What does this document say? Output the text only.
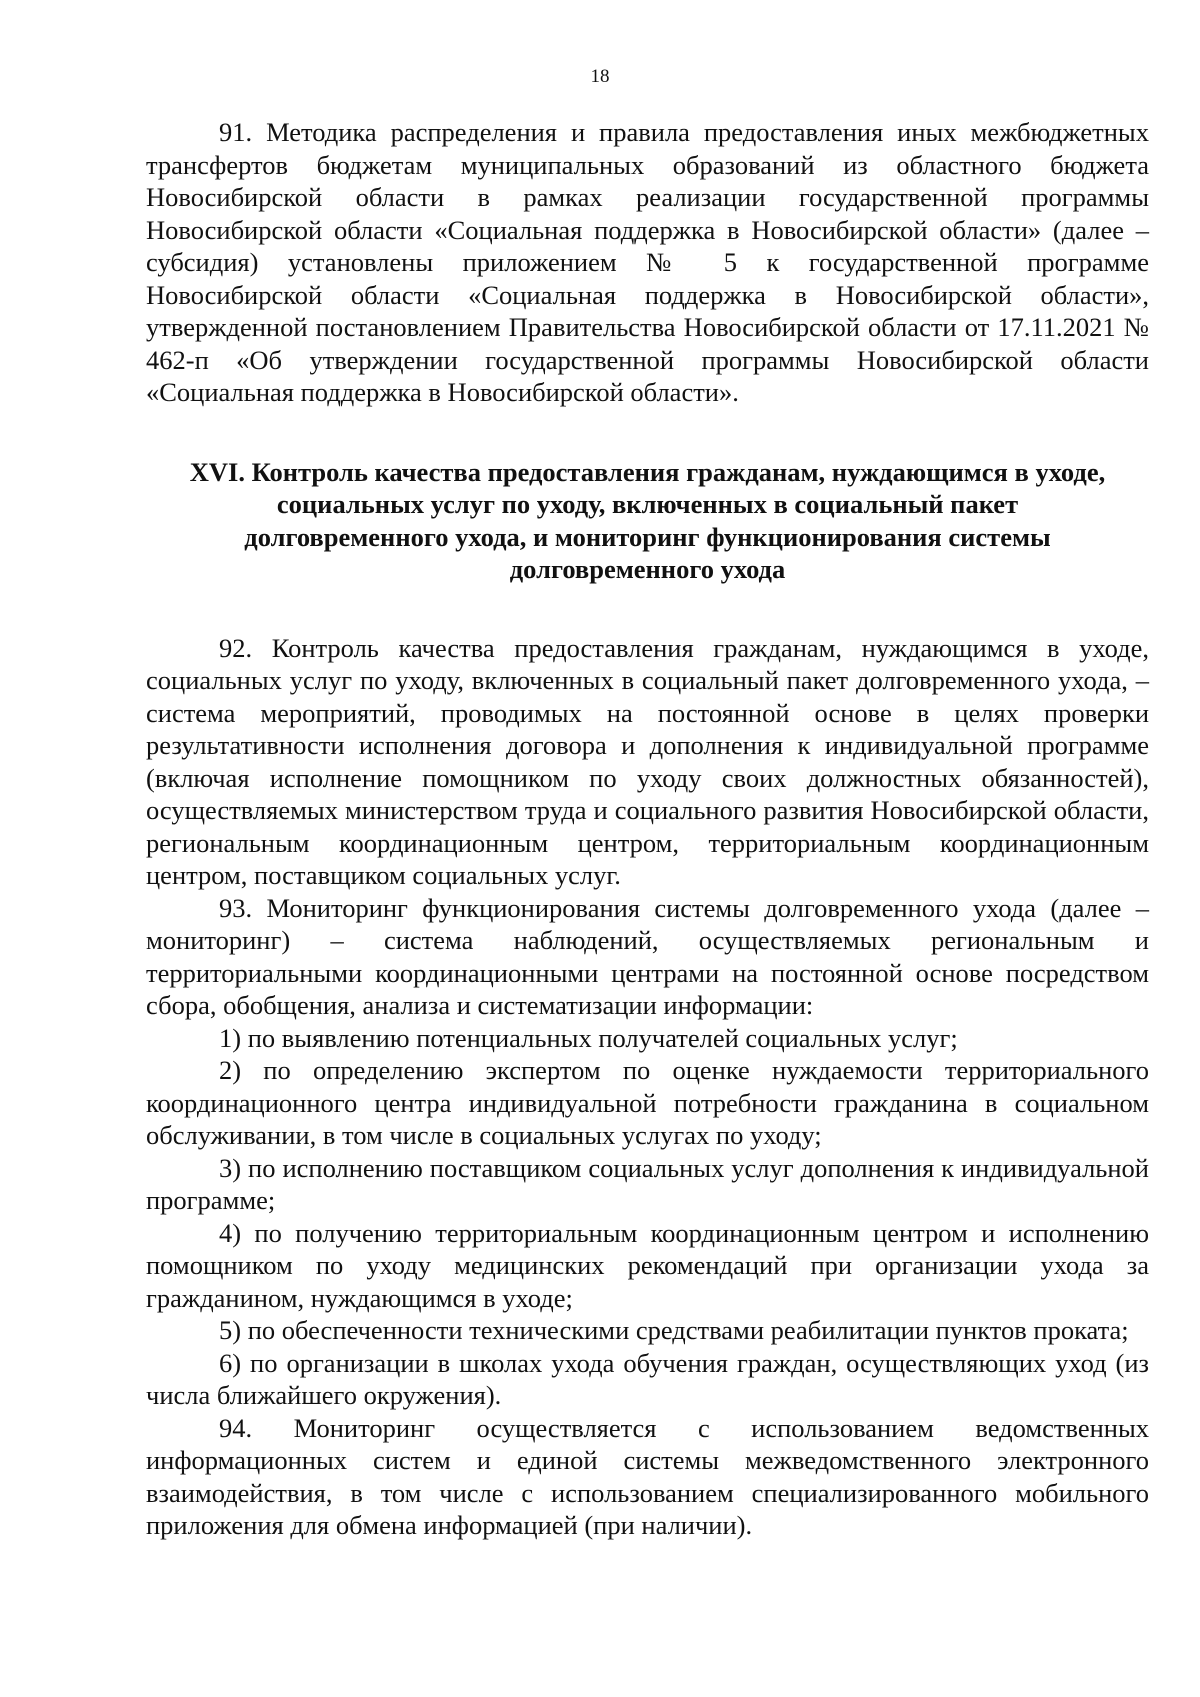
18

91. Методика распределения и правила предоставления иных межбюджетных трансфертов бюджетам муниципальных образований из областного бюджета Новосибирской области в рамках реализации государственной программы Новосибирской области «Социальная поддержка в Новосибирской области» (далее – субсидия) установлены приложением № 5 к государственной программе Новосибирской области «Социальная поддержка в Новосибирской области», утвержденной постановлением Правительства Новосибирской области от 17.11.2021 № 462-п «Об утверждении государственной программы Новосибирской области «Социальная поддержка в Новосибирской области».

XVI. Контроль качества предоставления гражданам, нуждающимся в уходе,
социальных услуг по уходу, включенных в социальный пакет
долговременного ухода, и мониторинг функционирования системы
долговременного ухода

92. Контроль качества предоставления гражданам, нуждающимся в уходе, социальных услуг по уходу, включенных в социальный пакет долговременного ухода, – система мероприятий, проводимых на постоянной основе в целях проверки результативности исполнения договора и дополнения к индивидуальной программе (включая исполнение помощником по уходу своих должностных обязанностей), осуществляемых министерством труда и социального развития Новосибирской области, региональным координационным центром, территориальным координационным центром, поставщиком социальных услуг.

93. Мониторинг функционирования системы долговременного ухода (далее – мониторинг) – система наблюдений, осуществляемых региональным и территориальными координационными центрами на постоянной основе посредством сбора, обобщения, анализа и систематизации информации:

1) по выявлению потенциальных получателей социальных услуг;

2) по определению экспертом по оценке нуждаемости территориального координационного центра индивидуальной потребности гражданина в социальном обслуживании, в том числе в социальных услугах по уходу;

3) по исполнению поставщиком социальных услуг дополнения к индивидуальной программе;

4) по получению территориальным координационным центром и исполнению помощником по уходу медицинских рекомендаций при организации ухода за гражданином, нуждающимся в уходе;

5) по обеспеченности техническими средствами реабилитации пунктов проката;

6) по организации в школах ухода обучения граждан, осуществляющих уход (из числа ближайшего окружения).

94. Мониторинг осуществляется с использованием ведомственных информационных систем и единой системы межведомственного электронного взаимодействия, в том числе с использованием специализированного мобильного приложения для обмена информацией (при наличии).
